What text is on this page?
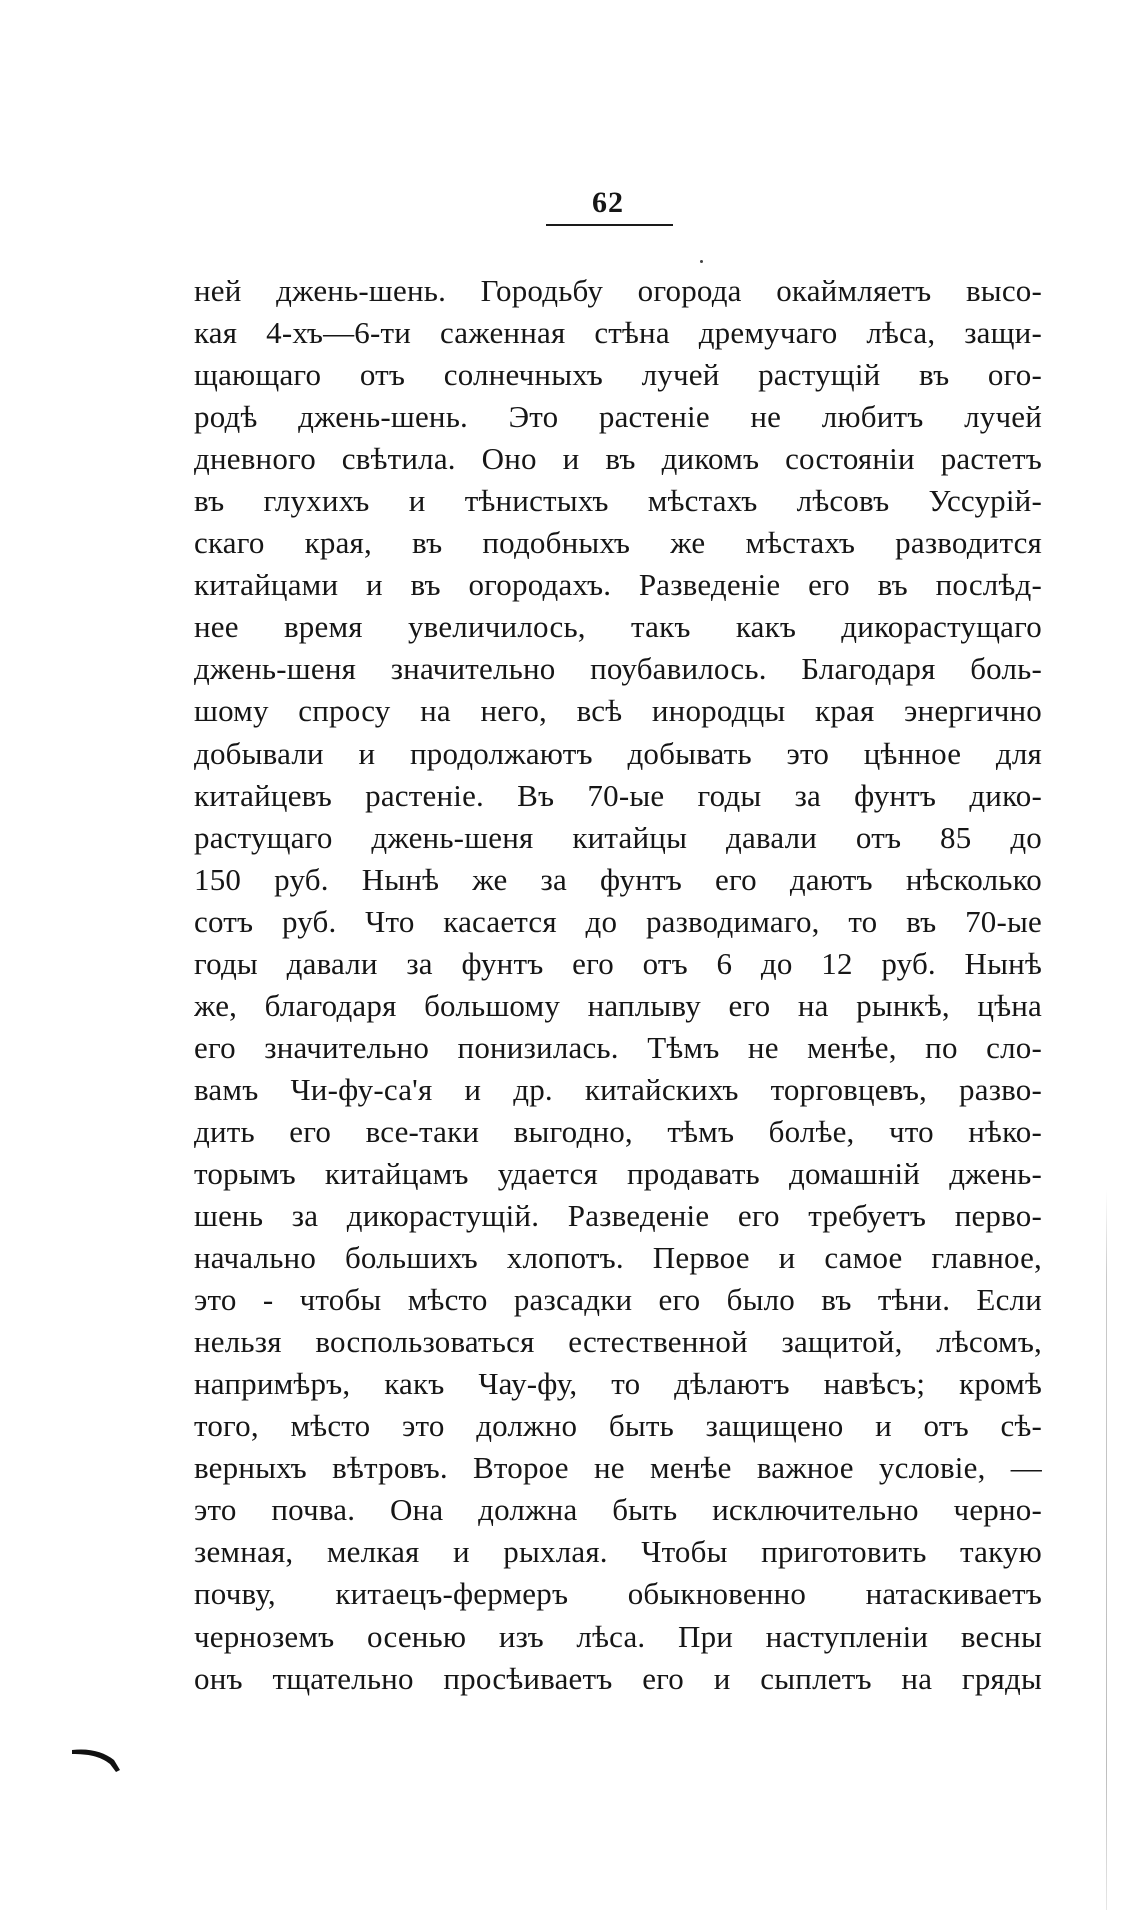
62
ней джень-шень. Городьбу огорода окаймляетъ высо-
кая 4-хъ—6-ти саженная стѣна дремучаго лѣса, защи-
щающаго отъ солнечныхъ лучей растущій въ ого-
родѣ джень-шень. Это растеніе не любитъ лучей
дневного свѣтила. Оно и въ дикомъ состояніи растетъ
въ глухихъ и тѣнистыхъ мѣстахъ лѣсовъ Уссурій-
скаго края, въ подобныхъ же мѣстахъ разводится
китайцами и въ огородахъ. Разведеніе его въ послѣд-
нее время увеличилось, такъ какъ дикорастущаго
джень-шеня значительно поубавилось. Благодаря боль-
шому спросу на него, всѣ инородцы края энергично
добывали и продолжаютъ добывать это цѣнное для
китайцевъ растеніе. Въ 70-ые годы за фунтъ дико-
растущаго джень-шеня китайцы давали отъ 85 до
150 руб. Нынѣ же за фунтъ его даютъ нѣсколько
сотъ руб. Что касается до разводимаго, то въ 70-ые
годы давали за фунтъ его отъ 6 до 12 руб. Нынѣ
же, благодаря большому наплыву его на рынкѣ, цѣна
его значительно понизилась. Тѣмъ не менѣе, по сло-
вамъ Чи-фу-са'я и др. китайскихъ торговцевъ, разво-
дить его все-таки выгодно, тѣмъ болѣе, что нѣко-
торымъ китайцамъ удается продавать домашній джень-
шень за дикорастущій. Разведеніе его требуетъ перво-
начально большихъ хлопотъ. Первое и самое главное,
это - чтобы мѣсто разсадки его было въ тѣни. Если
нельзя воспользоваться естественной защитой, лѣсомъ,
напримѣръ, какъ Чау-фу, то дѣлаютъ навѣсъ; кромѣ
того, мѣсто это должно быть защищено и отъ сѣ-
верныхъ вѣтровъ. Второе не менѣе важное условіе, —
это почва. Она должна быть исключительно черно-
земная, мелкая и рыхлая. Чтобы приготовить такую
почву, китаецъ-фермеръ обыкновенно натаскиваетъ
черноземъ осенью изъ лѣса. При наступленіи весны
онъ тщательно просѣиваетъ его и сыплетъ на гряды
